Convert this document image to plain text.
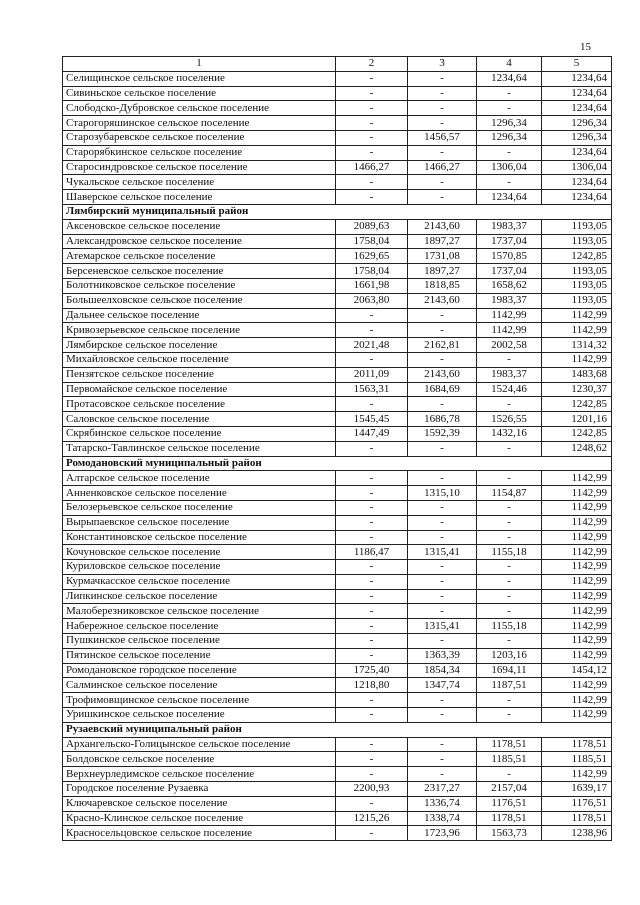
15
1	2	3	4	5
Селищинское сельское поселение	-	-	1234,64	1234,64
Сивиньское сельское поселение	-	-	-	1234,64
Слободско-Дубровское сельское поселение	-	-	-	1234,64
Старогоряшинское сельское поселение	-	-	1296,34	1296,34
Старозубаревское сельское поселение	-	1456,57	1296,34	1296,34
Старорябкинское сельское поселение	-	-	-	1234,64
Старосиндровское сельское поселение	1466,27	1466,27	1306,04	1306,04
Чукальское сельское поселение	-	-	-	1234,64
Шаверское сельское поселение	-	-	1234,64	1234,64
Лямбирский муниципальный район				
Аксеновское сельское поселение	2089,63	2143,60	1983,37	1193,05
Александровское сельское поселение	1758,04	1897,27	1737,04	1193,05
Атемарское сельское поселение	1629,65	1731,08	1570,85	1242,85
Берсеневское сельское поселение	1758,04	1897,27	1737,04	1193,05
Болотниковское сельское поселение	1661,98	1818,85	1658,62	1193,05
Большеелховское сельское поселение	2063,80	2143,60	1983,37	1193,05
Дальнее сельское поселение	-	-	1142,99	1142,99
Кривозерьевское сельское поселение	-	-	1142,99	1142,99
Лямбирское сельское поселение	2021,48	2162,81	2002,58	1314,32
Михайловское сельское поселение	-	-	-	1142,99
Пензятское сельское поселение	2011,09	2143,60	1983,37	1483,68
Первомайское сельское поселение	1563,31	1684,69	1524,46	1230,37
Протасовское сельское поселение	-	-	-	1242,85
Саловское сельское поселение	1545,45	1686,78	1526,55	1201,16
Скрябинское сельское поселение	1447,49	1592,39	1432,16	1242,85
Татарско-Тавлинское сельское поселение	-	-	-	1248,62
Ромодановский муниципальный район				
Алтарское сельское поселение	-	-	-	1142,99
Анненковское сельское поселение	-	1315,10	1154,87	1142,99
Белозерьевское сельское поселение	-	-	-	1142,99
Вырыпаевское сельское поселение	-	-	-	1142,99
Константиновское сельское поселение	-	-	-	1142,99
Кочуновское сельское поселение	1186,47	1315,41	1155,18	1142,99
Куриловское сельское поселение	-	-	-	1142,99
Курмачкасское сельское поселение	-	-	-	1142,99
Липкинское сельское поселение	-	-	-	1142,99
Малоберезниковское сельское поселение	-	-	-	1142,99
Набережное сельское поселение	-	1315,41	1155,18	1142,99
Пушкинское сельское поселение	-	-	-	1142,99
Пятинское сельское поселение	-	1363,39	1203,16	1142,99
Ромодановское городское поселение	1725,40	1854,34	1694,11	1454,12
Салминское сельское поселение	1218,80	1347,74	1187,51	1142,99
Трофимовщинское сельское поселение	-	-	-	1142,99
Уришкинское сельское поселение	-	-	-	1142,99
Рузаевский муниципальный район				
Архангельско-Голицынское сельское поселение	-	-	1178,51	1178,51
Болдовское сельское поселение	-	-	1185,51	1185,51
Верхнеурледимское сельское поселение	-	-	-	1142,99
Городское поселение Рузаевка	2200,93	2317,27	2157,04	1639,17
Ключаревское сельское поселение	-	1336,74	1176,51	1176,51
Красно-Клинское сельское поселение	1215,26	1338,74	1178,51	1178,51
Красносельцовское сельское поселение	-	1723,96	1563,73	1238,96
